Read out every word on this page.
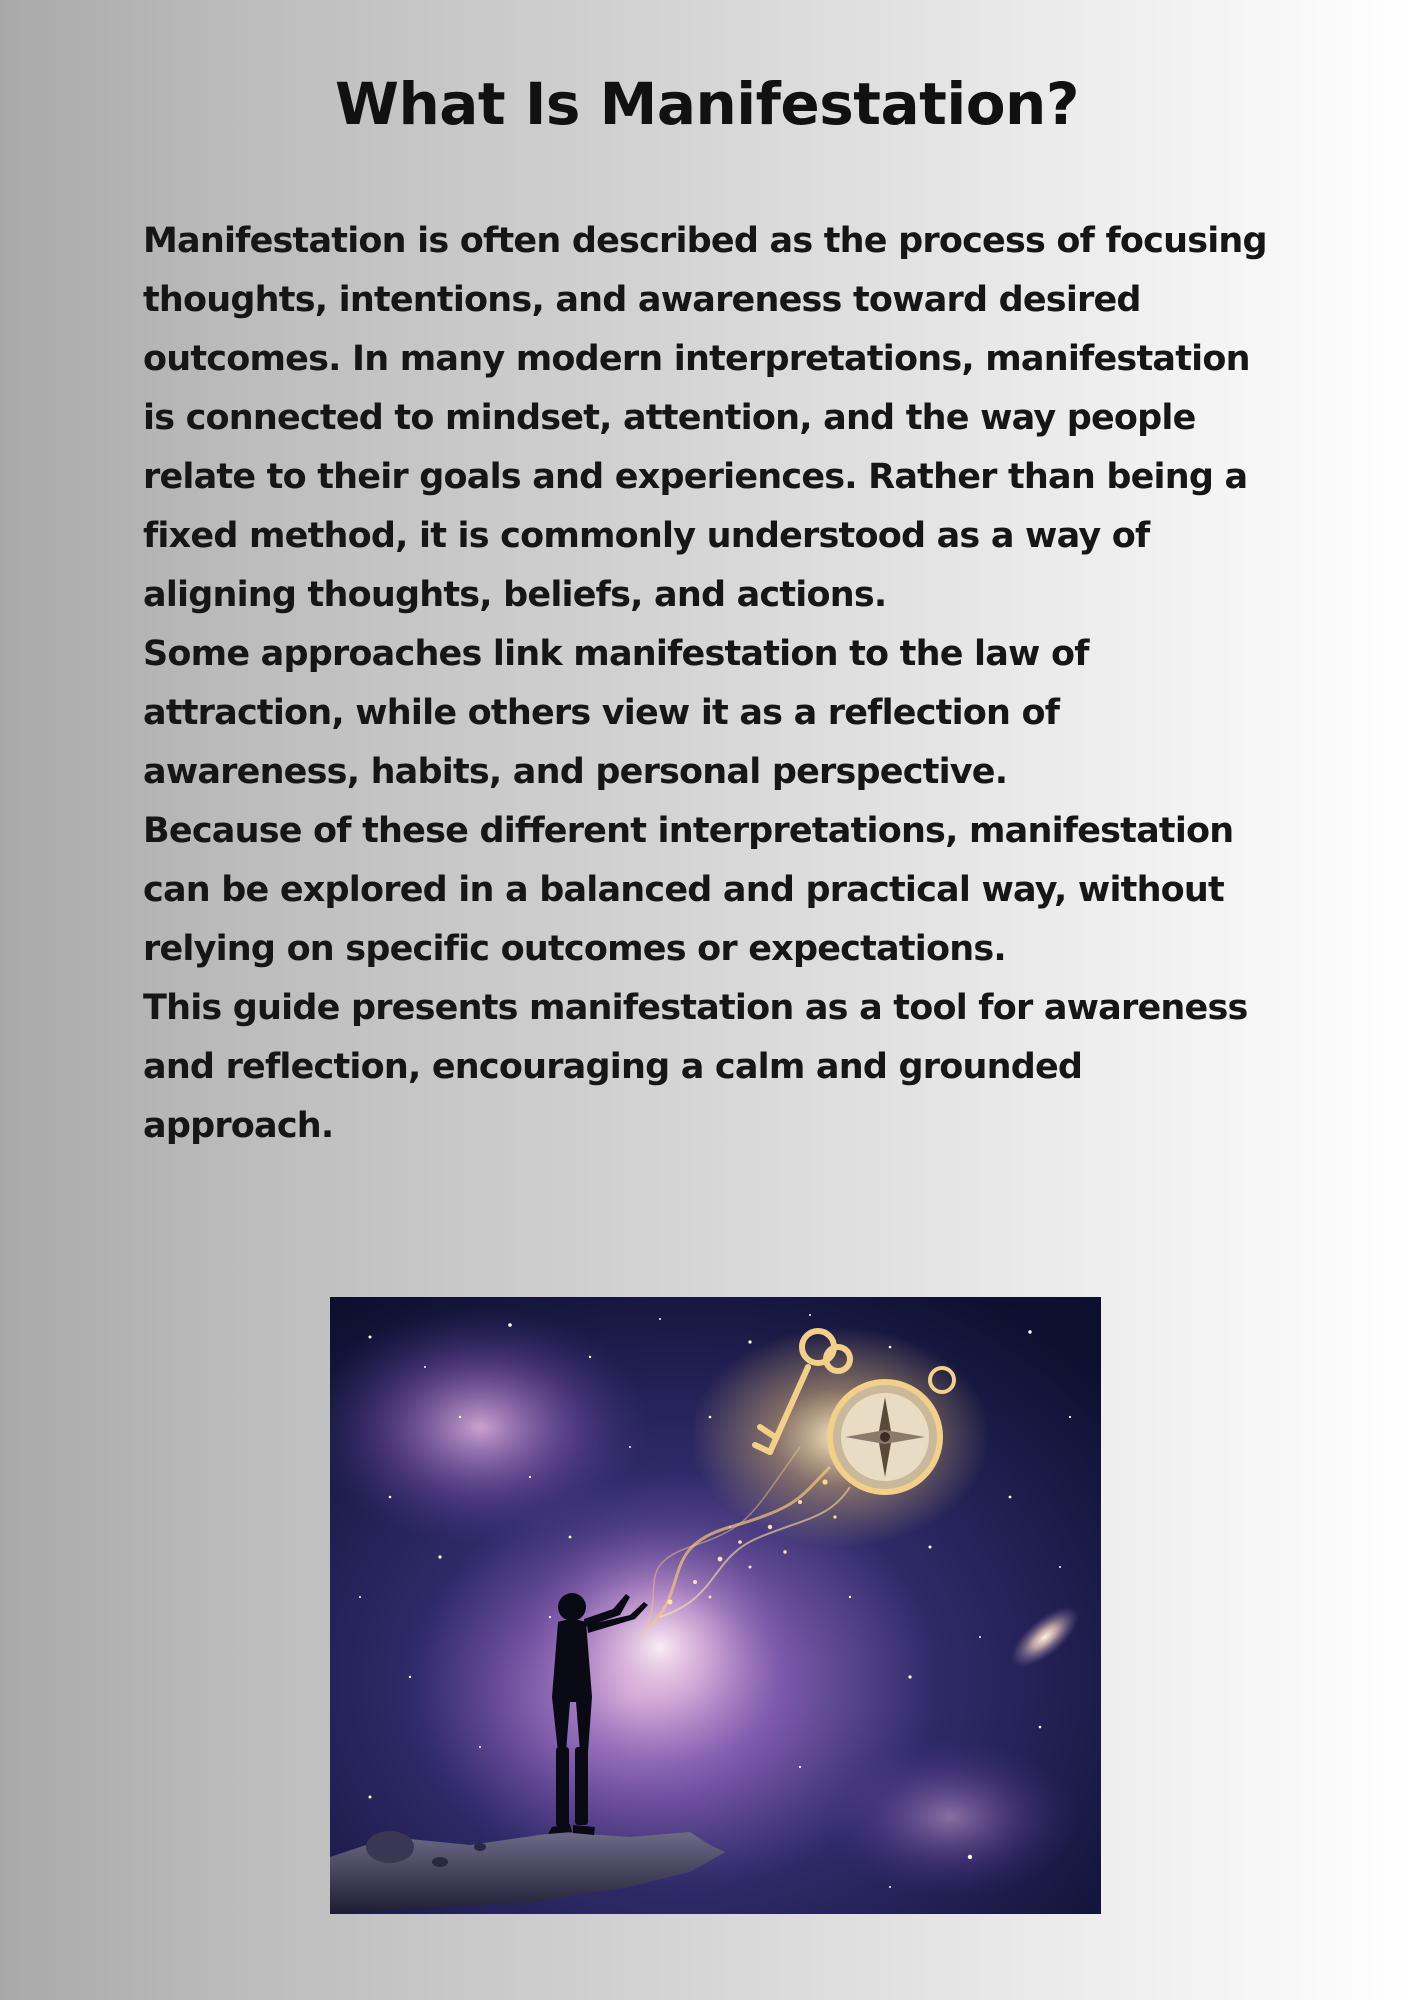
What Is Manifestation?

Manifestation is often described as the process of focusing thoughts, intentions, and awareness toward desired outcomes. In many modern interpretations, manifestation is connected to mindset, attention, and the way people relate to their goals and experiences. Rather than being a fixed method, it is commonly understood as a way of aligning thoughts, beliefs, and actions.

Some approaches link manifestation to the law of attraction, while others view it as a reflection of awareness, habits, and personal perspective.

Because of these different interpretations, manifestation can be explored in a balanced and practical way, without relying on specific outcomes or expectations.

This guide presents manifestation as a tool for awareness and reflection, encouraging a calm and grounded approach.
